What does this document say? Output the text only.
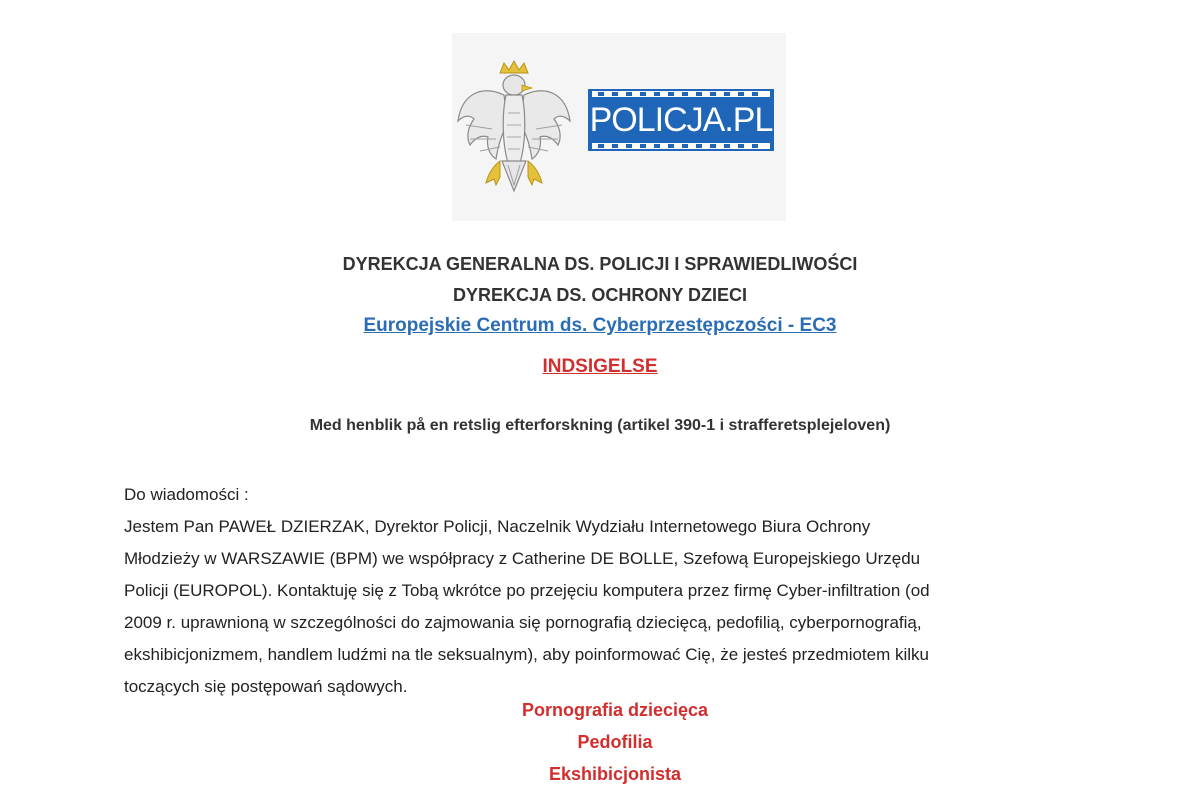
POLICJA.PL
DYREKCJA GENERALNA DS. POLICJI I SPRAWIEDLIWOŚCI
DYREKCJA DS. OCHRONY DZIECI
Europejskie Centrum ds. Cyberprzestępczości - EC3
INDSIGELSE
Med henblik på en retslig efterforskning (artikel 390-1 i strafferetsplejeloven)

Do wiadomości :

Jestem Pan PAWEŁ DZIERZAK, Dyrektor Policji, Naczelnik Wydziału Internetowego Biura Ochrony

Młodzieży w WARSZAWIE (BPM) we współpracy z Catherine DE BOLLE, Szefową Europejskiego Urzędu

Policji (EUROPOL). Kontaktuję się z Tobą wkrótce po przejęciu komputera przez firmę Cyber-infiltration (od

2009 r. uprawnioną w szczególności do zajmowania się pornografią dziecięcą, pedofilią, cyberpornografią,

ekshibicjonizmem, handlem ludźmi na tle seksualnym), aby poinformować Cię, że jesteś przedmiotem kilku

toczących się postępowań sądowych.

Pornografia dziecięca
Pedofilia
Ekshibicjonista
